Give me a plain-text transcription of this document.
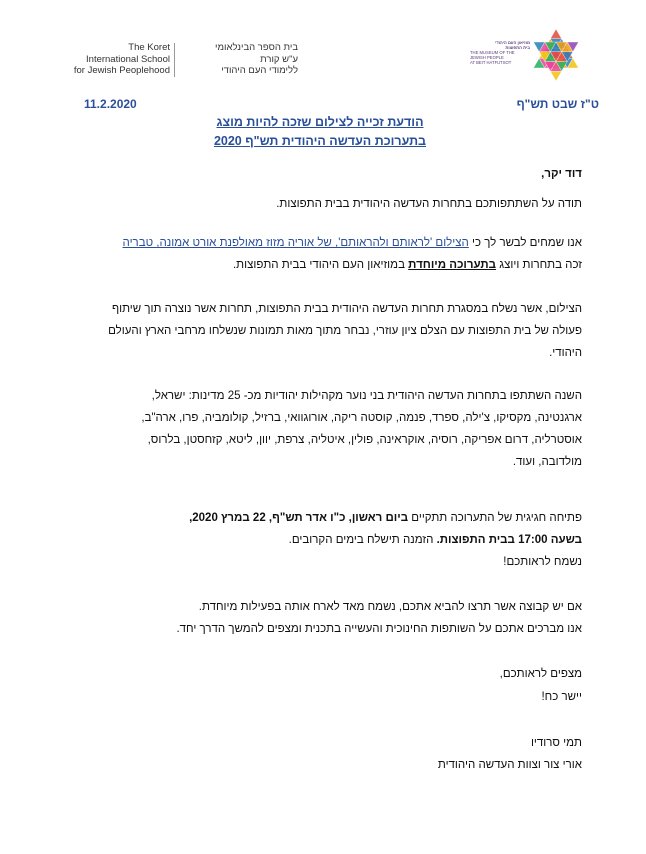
The Koret
International School
for Jewish Peoplehood
בית הספר הבינלאומי
ע"ש קורת
ללימודי העם היהודי
מוזיאון העם היהודי
בית התפוצות
THE MUSEUM OF THE
JEWISH PEOPLE
AT BEIT HATFUTSOT
11.2.2020	ט"ז שבט תש"ף
הודעת זכייה לצילום שזכה להיות מוצג
בתערוכת העדשה היהודית תש"ף 2020
דוד יקר,
תודה על השתתפותכם בתחרות העדשה היהודית בבית התפוצות.
אנו שמחים לבשר לך כי הצילום 'לראותם ולהראותם', של אוריה מזוז מאולפנת אורט אמונה, טבריה
זכה בתחרות ויוצג בתערוכה מיוחדת במוזיאון העם היהודי בבית התפוצות.
הצילום, אשר נשלח במסגרת תחרות העדשה היהודית בבית התפוצות, תחרות אשר נוצרה תוך שיתוף
פעולה של בית התפוצות עם הצלם ציון עוזרי, נבחר מתוך מאות תמונות שנשלחו מרחבי הארץ והעולם
היהודי.
השנה השתתפו בתחרות העדשה היהודית בני נוער מקהילות יהודיות מכ- 25 מדינות: ישראל,
ארגנטינה, מקסיקו, צ'ילה, ספרד, פנמה, קוסטה ריקה, אורוגוואי, ברזיל, קולומביה, פרו, ארה"ב,
אוסטרליה, דרום אפריקה, רוסיה, אוקראינה, פולין, איטליה, צרפת, יוון, ליטא, קזחסטן, בלרוס,
מולדובה, ועוד.
פתיחה חגיגית של התערוכה תתקיים ביום ראשון, כ"ו אדר תש"ף, 22 במרץ 2020,
בשעה 17:00 בבית התפוצות. הזמנה תישלח בימים הקרובים.
נשמח לראותכם!
אם יש קבוצה אשר תרצו להביא אתכם, נשמח מאד לארח אותה בפעילות מיוחדת.
אנו מברכים אתכם על השותפות החינוכית והעשייה בתכנית ומצפים להמשך הדרך יחד.
מצפים לראותכם,
יישר כח!
תמי סרודיו
אורי צור וצוות העדשה היהודית
